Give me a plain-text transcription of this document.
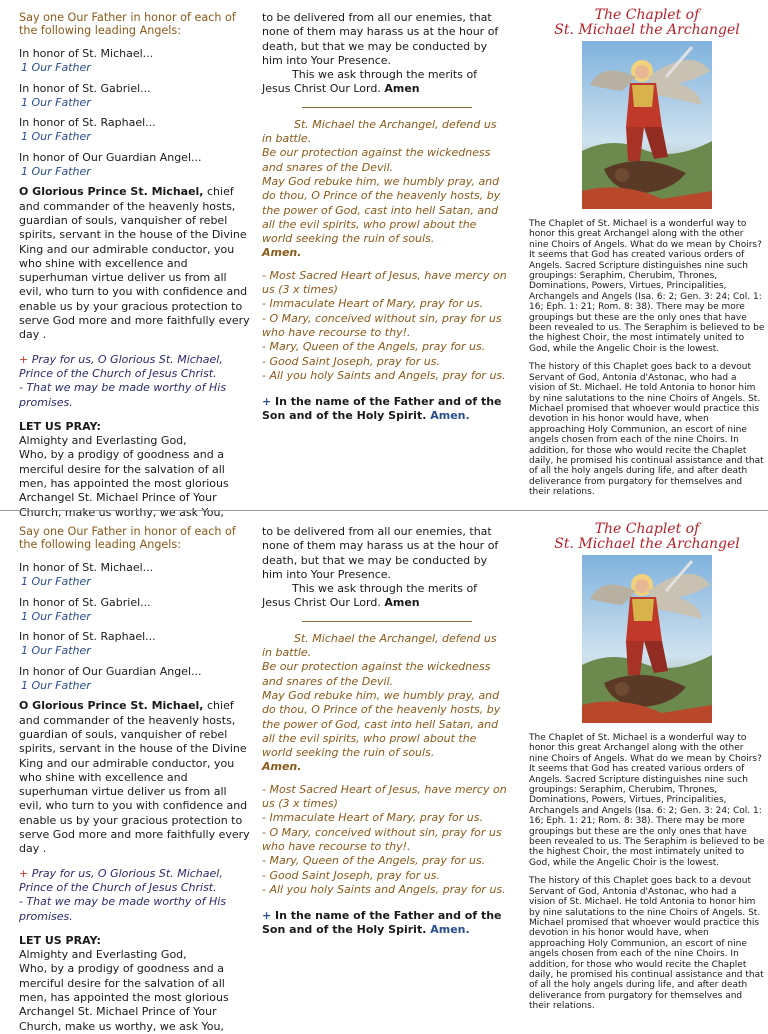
Say one Our Father in honor of each of the following leading Angels:

In honor of St. Michael...

1 Our Father

In honor of St. Gabriel...

1 Our Father

In honor of St. Raphael...

1 Our Father

In honor of Our Guardian Angel...

1 Our Father

O Glorious Prince St. Michael, chief and commander of the heavenly hosts, guardian of souls, vanquisher of rebel spirits, servant in the house of the Divine King and our admirable conductor, you who shine with excellence and superhuman virtue deliver us from all evil, who turn to you with confidence and enable us by your gracious protection to serve God more and more faithfully every day .

+ Pray for us, O Glorious St. Michael, Prince of the Church of Jesus Christ.
- That we may be made worthy of His promises.
LET US PRAY:
Almighty and Everlasting God,
Who, by a prodigy of goodness and a merciful desire for the salvation of all men, has appointed the most glorious Archangel St. Michael Prince of Your Church, make us worthy, we ask You,

to be delivered from all our enemies, that none of them may harass us at the hour of death, but that we may be conducted by him into Your Presence.

This we ask through the merits of Jesus Christ Our Lord. Amen

St. Michael the Archangel, defend us in battle.
Be our protection against the wickedness and snares of the Devil.
May God rebuke him, we humbly pray, and do thou, O Prince of the heavenly hosts, by the power of God, cast into hell Satan, and all the evil spirits, who prowl about the world seeking the ruin of souls.
Amen.
- Most Sacred Heart of Jesus, have mercy on us (3 x times)
- Immaculate Heart of Mary, pray for us.
- O Mary, conceived without sin, pray for us who have recourse to thy!.
- Mary, Queen of the Angels, pray for us.
- Good Saint Joseph, pray for us.
- All you holy Saints and Angels, pray for us.
+ In the name of the Father and of the Son and of the Holy Spirit. Amen.
The Chaplet of
St. Michael the Archangel

The Chaplet of St. Michael is a wonderful way to honor this great Archangel along with the other nine Choirs of Angels. What do we mean by Choirs? It seems that God has created various orders of Angels. Sacred Scripture distinguishes nine such groupings: Seraphim, Cherubim, Thrones, Dominations, Powers, Virtues, Principalities, Archangels and Angels (Isa. 6: 2; Gen. 3: 24; Col. 1: 16; Eph. 1: 21; Rom. 8: 38). There may be more groupings but these are the only ones that have been revealed to us. The Seraphim is believed to be the highest Choir, the most intimately united to God, while the Angelic Choir is the lowest.

The history of this Chaplet goes back to a devout Servant of God, Antonia d'Astonac, who had a vision of St. Michael. He told Antonia to honor him by nine salutations to the nine Choirs of Angels. St. Michael promised that whoever would practice this devotion in his honor would have, when approaching Holy Communion, an escort of nine angels chosen from each of the nine Choirs. In addition, for those who would recite the Chaplet daily, he promised his continual assistance and that of all the holy angels during life, and after death deliverance from purgatory for themselves and their relations.

Say one Our Father in honor of each of the following leading Angels:

In honor of St. Michael...

1 Our Father

In honor of St. Gabriel...

1 Our Father

In honor of St. Raphael...

1 Our Father

In honor of Our Guardian Angel...

1 Our Father

O Glorious Prince St. Michael, chief and commander of the heavenly hosts, guardian of souls, vanquisher of rebel spirits, servant in the house of the Divine King and our admirable conductor, you who shine with excellence and superhuman virtue deliver us from all evil, who turn to you with confidence and enable us by your gracious protection to serve God more and more faithfully every day .

+ Pray for us, O Glorious St. Michael, Prince of the Church of Jesus Christ.
- That we may be made worthy of His promises.
LET US PRAY:
Almighty and Everlasting God,
Who, by a prodigy of goodness and a merciful desire for the salvation of all men, has appointed the most glorious Archangel St. Michael Prince of Your Church, make us worthy, we ask You,

to be delivered from all our enemies, that none of them may harass us at the hour of death, but that we may be conducted by him into Your Presence.

This we ask through the merits of Jesus Christ Our Lord. Amen

St. Michael the Archangel, defend us in battle.
Be our protection against the wickedness and snares of the Devil.
May God rebuke him, we humbly pray, and do thou, O Prince of the heavenly hosts, by the power of God, cast into hell Satan, and all the evil spirits, who prowl about the world seeking the ruin of souls.
Amen.
- Most Sacred Heart of Jesus, have mercy on us (3 x times)
- Immaculate Heart of Mary, pray for us.
- O Mary, conceived without sin, pray for us who have recourse to thy!.
- Mary, Queen of the Angels, pray for us.
- Good Saint Joseph, pray for us.
- All you holy Saints and Angels, pray for us.
+ In the name of the Father and of the Son and of the Holy Spirit. Amen.
The Chaplet of
St. Michael the Archangel

The Chaplet of St. Michael is a wonderful way to honor this great Archangel along with the other nine Choirs of Angels. What do we mean by Choirs? It seems that God has created various orders of Angels. Sacred Scripture distinguishes nine such groupings: Seraphim, Cherubim, Thrones, Dominations, Powers, Virtues, Principalities, Archangels and Angels (Isa. 6: 2; Gen. 3: 24; Col. 1: 16; Eph. 1: 21; Rom. 8: 38). There may be more groupings but these are the only ones that have been revealed to us. The Seraphim is believed to be the highest Choir, the most intimately united to God, while the Angelic Choir is the lowest.

The history of this Chaplet goes back to a devout Servant of God, Antonia d'Astonac, who had a vision of St. Michael. He told Antonia to honor him by nine salutations to the nine Choirs of Angels. St. Michael promised that whoever would practice this devotion in his honor would have, when approaching Holy Communion, an escort of nine angels chosen from each of the nine Choirs. In addition, for those who would recite the Chaplet daily, he promised his continual assistance and that of all the holy angels during life, and after death deliverance from purgatory for themselves and their relations.
